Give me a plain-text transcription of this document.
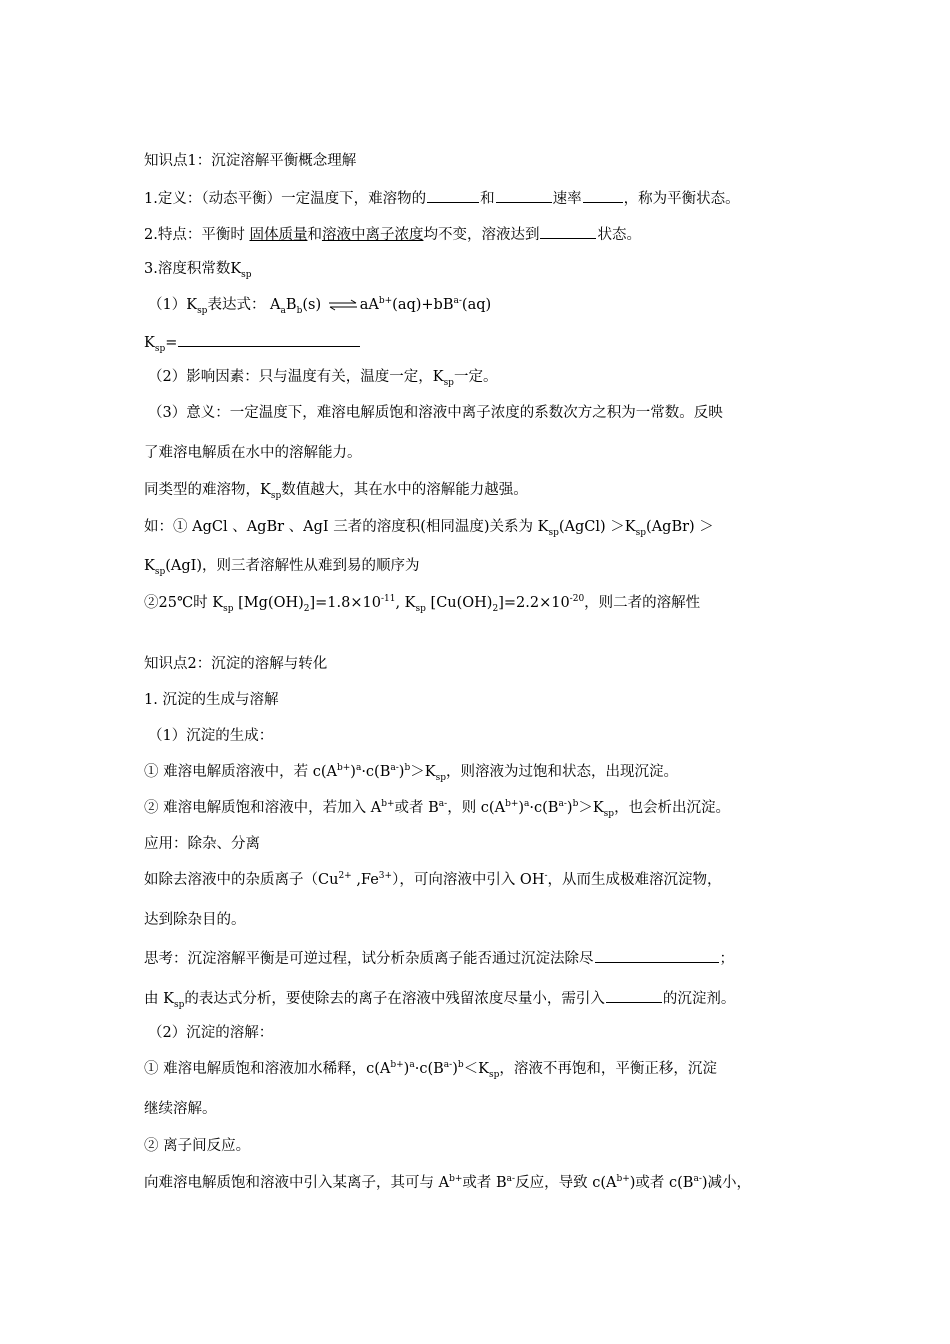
知识点1：沉淀溶解平衡概念理解
1.定义：（动态平衡）一定温度下，难溶物的	和	速率	，称为平衡状态。
2.特点：平衡时 固体质量和溶液中离子浓度均不变，溶液达到	状态。
3.溶度积常数$K_{sp}$
$(1)K_{sp}$表达式： $A_aB_b(s)$ ⇌ $aA^{b+}(aq)+bB^{a-}(aq)$
$K_{sp}=$
（2）影响因素：只与温度有关，温度一定，$K_{sp}$一定。
（3）意义：一定温度下，难溶电解质饱和溶液中离子浓度的系数次方之积为一常数。反映
了难溶电解质在水中的溶解能力。
同类型的难溶物，$K_{sp}$数值越大，其在水中的溶解能力越强。
如：① AgCl 、AgBr 、AgI 三者的溶度积(相同温度)关系为 $K_{sp}(AgCl)$ $>K_{sp}(AgBr)$ ＞
$K_{sp}(AgI)$，则三者溶解性从难到易的顺序为
②25℃时 $K_{sp}$ $[Mg(OH)_2]=1.8\times 10^{-11}$, $K_{sp}$ $[Cu(OH)_2]=2.2\times 10^{-20}$，则二者的溶解性
知识点2：沉淀的溶解与转化
1. 沉淀的生成与溶解
（1）沉淀的生成：
① 难溶电解质溶液中，若 $c(A^{b+})^a\cdot c(B^{a-})^b>K_{sp}$，则溶液为过饱和状态，出现沉淀。
② 难溶电解质饱和溶液中，若加入 $A^{b+}$或者 $B^{a-}$，则 $c(A^{b+})^a\cdot c(B^{a-})^b>K_{sp}$，也会析出沉淀。
应用：除杂、分离
如除去溶液中的杂质离子（$Cu^{2+}$ $,Fe^{3+}$），可向溶液中引入 OH-，从而生成极难溶沉淀物，
达到除杂目的。
思考：沉淀溶解平衡是可逆过程，试分析杂质离子能否通过沉淀法除尽	；
由 $K_{sp}$的表达式分析，要使除去的离子在溶液中残留浓度尽量小，需引入	的沉淀剂。
（2）沉淀的溶解：
① 难溶电解质饱和溶液加水稀释，$c(A^{b+})^a\cdot c(B^{a-})^b<K_{sp}$，溶液不再饱和，平衡正移，沉淀
继续溶解。
② 离子间反应。
向难溶电解质饱和溶液中引入某离子，其可与 $A^{b+}$或者 $B^{a-}$反应，导致 $c(A^{b+})$或者 $c(B^{a-})$减小，
